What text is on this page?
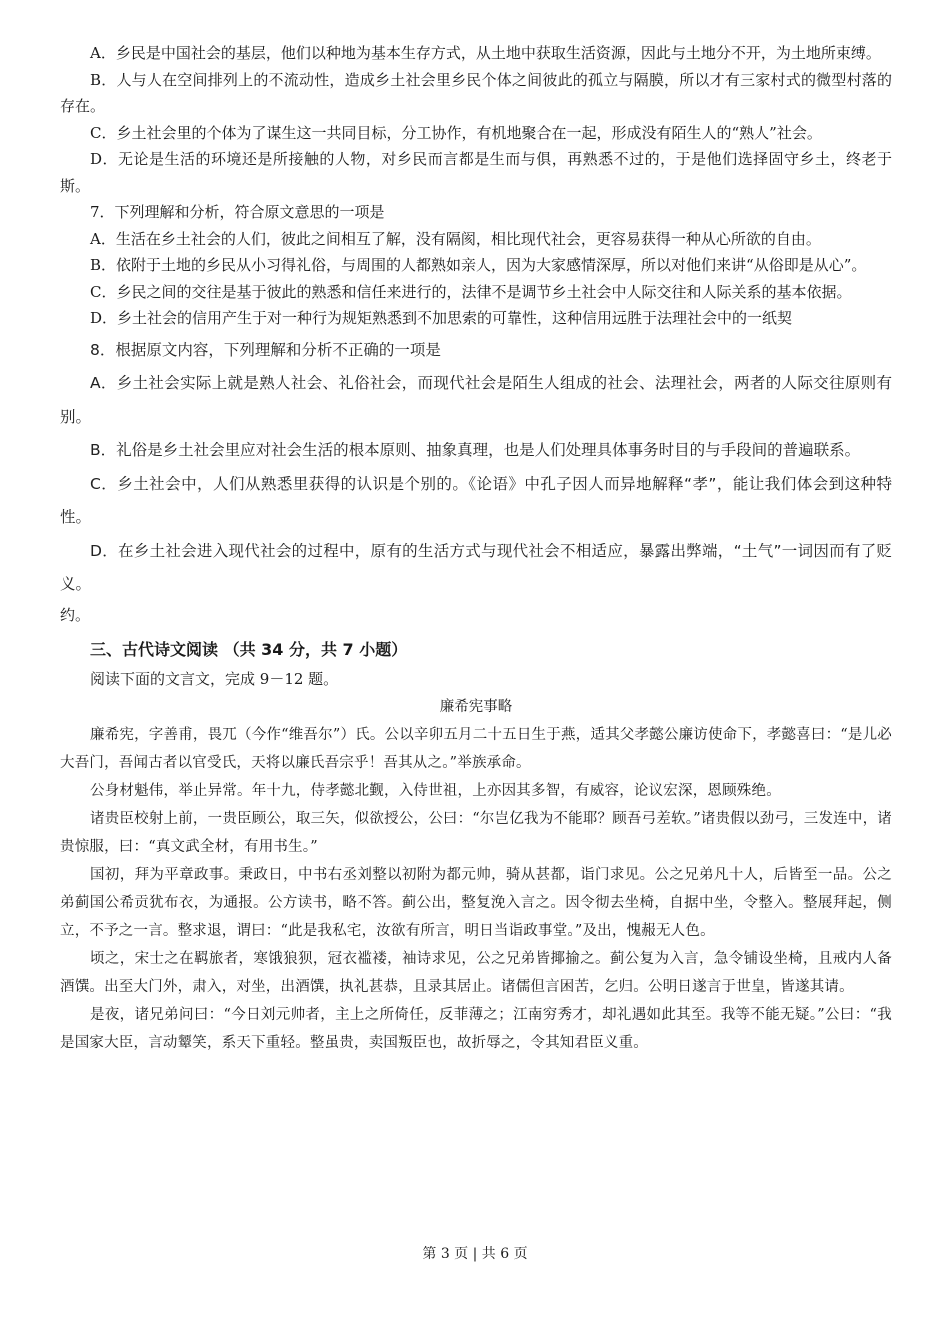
A．乡民是中国社会的基层，他们以种地为基本生存方式，从土地中获取生活资源，因此与土地分不开，为土地所束缚。

B．人与人在空间排列上的不流动性，造成乡土社会里乡民个体之间彼此的孤立与隔膜，所以才有三家村式的微型村落的存在。

C．乡土社会里的个体为了谋生这一共同目标，分工协作，有机地聚合在一起，形成没有陌生人的“熟人”社会。

D．无论是生活的环境还是所接触的人物，对乡民而言都是生而与俱，再熟悉不过的，于是他们选择固守乡土，终老于斯。

7．下列理解和分析，符合原文意思的一项是

A．生活在乡土社会的人们，彼此之间相互了解，没有隔阂，相比现代社会，更容易获得一种从心所欲的自由。

B．依附于土地的乡民从小习得礼俗，与周围的人都熟如亲人，因为大家感情深厚，所以对他们来讲“从俗即是从心”。

C．乡民之间的交往是基于彼此的熟悉和信任来进行的，法律不是调节乡土社会中人际交往和人际关系的基本依据。

D．乡土社会的信用产生于对一种行为规矩熟悉到不加思索的可靠性，这种信用远胜于法理社会中的一纸契

8．根据原文内容，下列理解和分析不正确的一项是

A．乡土社会实际上就是熟人社会、礼俗社会，而现代社会是陌生人组成的社会、法理社会，两者的人际交往原则有别。

B．礼俗是乡土社会里应对社会生活的根本原则、抽象真理，也是人们处理具体事务时目的与手段间的普遍联系。

C．乡土社会中，人们从熟悉里获得的认识是个别的。《论语》中孔子因人而异地解释“孝”，能让我们体会到这种特性。

D．在乡土社会进入现代社会的过程中，原有的生活方式与现代社会不相适应，暴露出弊端，“土气”一词因而有了贬义。

约。

三、古代诗文阅读 （共 34 分，共 7 小题）

阅读下面的文言文，完成 9－12 题。

廉希宪事略

廉希宪，字善甫，畏兀（今作“维吾尔”）氏。公以辛卯五月二十五日生于燕，适其父孝懿公廉访使命下，孝懿喜曰：“是儿必大吾门，吾闻古者以官受氏，天将以廉氏吾宗乎！吾其从之。”举族承命。

公身材魁伟，举止异常。年十九，侍孝懿北觐，入侍世祖，上亦因其多智，有威容，论议宏深，恩顾殊绝。

诸贵臣校射上前，一贵臣顾公，取三矢，似欲授公，公曰：“尔岂亿我为不能耶？顾吾弓差软。”诸贵假以劲弓，三发连中，诸贵惊服，曰：“真文武全材，有用书生。”

国初，拜为平章政事。秉政日，中书右丞刘整以初附为都元帅，骑从甚都，诣门求见。公之兄弟凡十人，后皆至一品。公之弟蓟国公希贡犹布衣，为通报。公方读书，略不答。蓟公出，整复浼入言之。因令彻去坐椅，自据中坐，令整入。整展拜起，侧立，不予之一言。整求退，谓曰：“此是我私宅，汝欲有所言，明日当诣政事堂。”及出，愧赧无人色。

顷之，宋士之在羁旅者，寒饿狼狈，冠衣褴褛，袖诗求见，公之兄弟皆揶揄之。蓟公复为入言，急令铺设坐椅，且戒内人备酒馔。出至大门外，肃入，对坐，出酒馔，执礼甚恭，且录其居止。诸儒但言困苦，乞归。公明日遂言于世皇，皆遂其请。

是夜，诸兄弟问曰：“今日刘元帅者，主上之所倚任，反菲薄之；江南穷秀才，却礼遇如此其至。我等不能无疑。”公曰：“我是国家大臣，言动颦笑，系天下重轻。整虽贵，卖国叛臣也，故折辱之，令其知君臣义重。

第 3 页 | 共 6 页
